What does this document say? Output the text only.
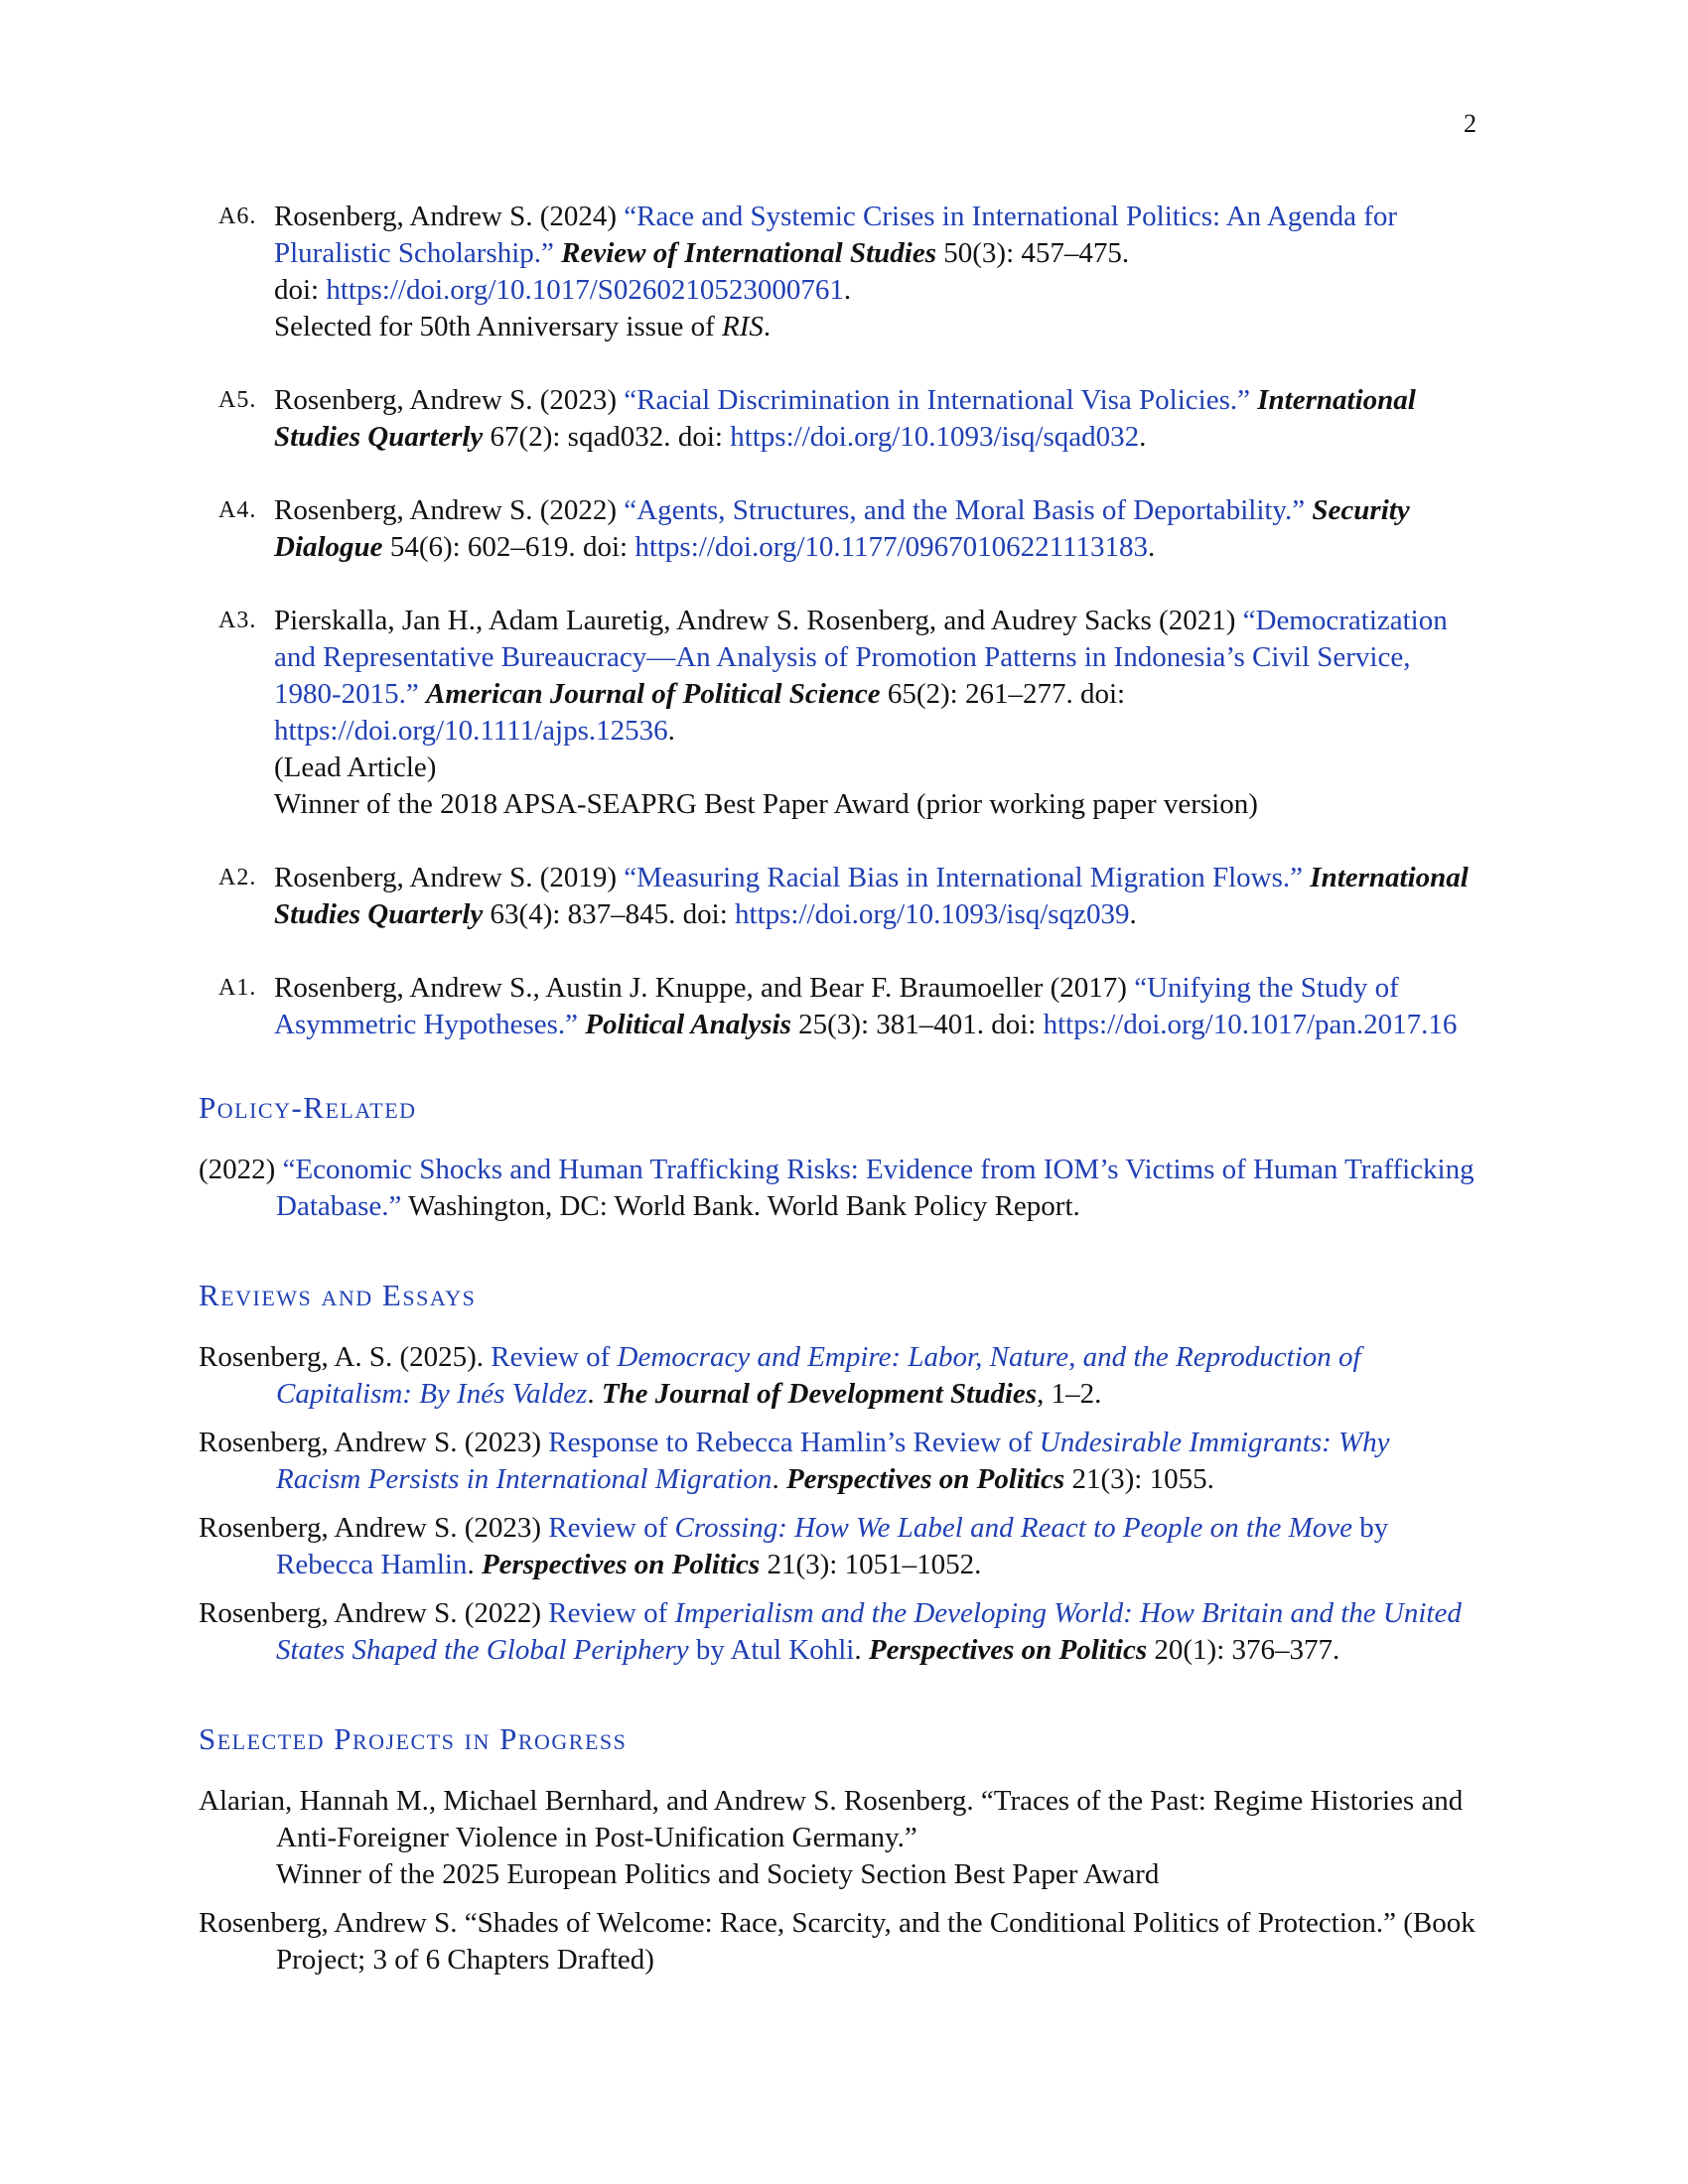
2
A6. Rosenberg, Andrew S. (2024) “Race and Systemic Crises in International Politics: An Agenda for Pluralistic Scholarship.” Review of International Studies 50(3): 457–475.
doi: https://doi.org/10.1017/S0260210523000761.
Selected for 50th Anniversary issue of RIS.
A5. Rosenberg, Andrew S. (2023) “Racial Discrimination in International Visa Policies.” International Studies Quarterly 67(2): sqad032. doi: https://doi.org/10.1093/isq/sqad032.
A4. Rosenberg, Andrew S. (2022) “Agents, Structures, and the Moral Basis of Deportability.” Security Dialogue 54(6): 602–619. doi: https://doi.org/10.1177/09670106221113183.
A3. Pierskalla, Jan H., Adam Lauretig, Andrew S. Rosenberg, and Audrey Sacks (2021) “Democratization and Representative Bureaucracy—An Analysis of Promotion Patterns in Indonesia’s Civil Service, 1980-2015.” American Journal of Political Science 65(2): 261–277. doi: https://doi.org/10.1111/ajps.12536.
(Lead Article)
Winner of the 2018 APSA-SEAPRG Best Paper Award (prior working paper version)
A2. Rosenberg, Andrew S. (2019) “Measuring Racial Bias in International Migration Flows.” International Studies Quarterly 63(4): 837–845. doi: https://doi.org/10.1093/isq/sqz039.
A1. Rosenberg, Andrew S., Austin J. Knuppe, and Bear F. Braumoeller (2017) “Unifying the Study of Asymmetric Hypotheses.” Political Analysis 25(3): 381–401. doi: https://doi.org/10.1017/pan.2017.16
Policy-Related
(2022) “Economic Shocks and Human Trafficking Risks: Evidence from IOM’s Victims of Human Trafficking Database.” Washington, DC: World Bank. World Bank Policy Report.
Reviews and Essays
Rosenberg, A. S. (2025). Review of Democracy and Empire: Labor, Nature, and the Reproduction of Capitalism: By Inés Valdez. The Journal of Development Studies, 1–2.
Rosenberg, Andrew S. (2023) Response to Rebecca Hamlin’s Review of Undesirable Immigrants: Why Racism Persists in International Migration. Perspectives on Politics 21(3): 1055.
Rosenberg, Andrew S. (2023) Review of Crossing: How We Label and React to People on the Move by Rebecca Hamlin. Perspectives on Politics 21(3): 1051–1052.
Rosenberg, Andrew S. (2022) Review of Imperialism and the Developing World: How Britain and the United States Shaped the Global Periphery by Atul Kohli. Perspectives on Politics 20(1): 376–377.
Selected Projects in Progress
Alarian, Hannah M., Michael Bernhard, and Andrew S. Rosenberg. “Traces of the Past: Regime Histories and Anti-Foreigner Violence in Post-Unification Germany.”
Winner of the 2025 European Politics and Society Section Best Paper Award
Rosenberg, Andrew S. “Shades of Welcome: Race, Scarcity, and the Conditional Politics of Protection.” (Book Project; 3 of 6 Chapters Drafted)
